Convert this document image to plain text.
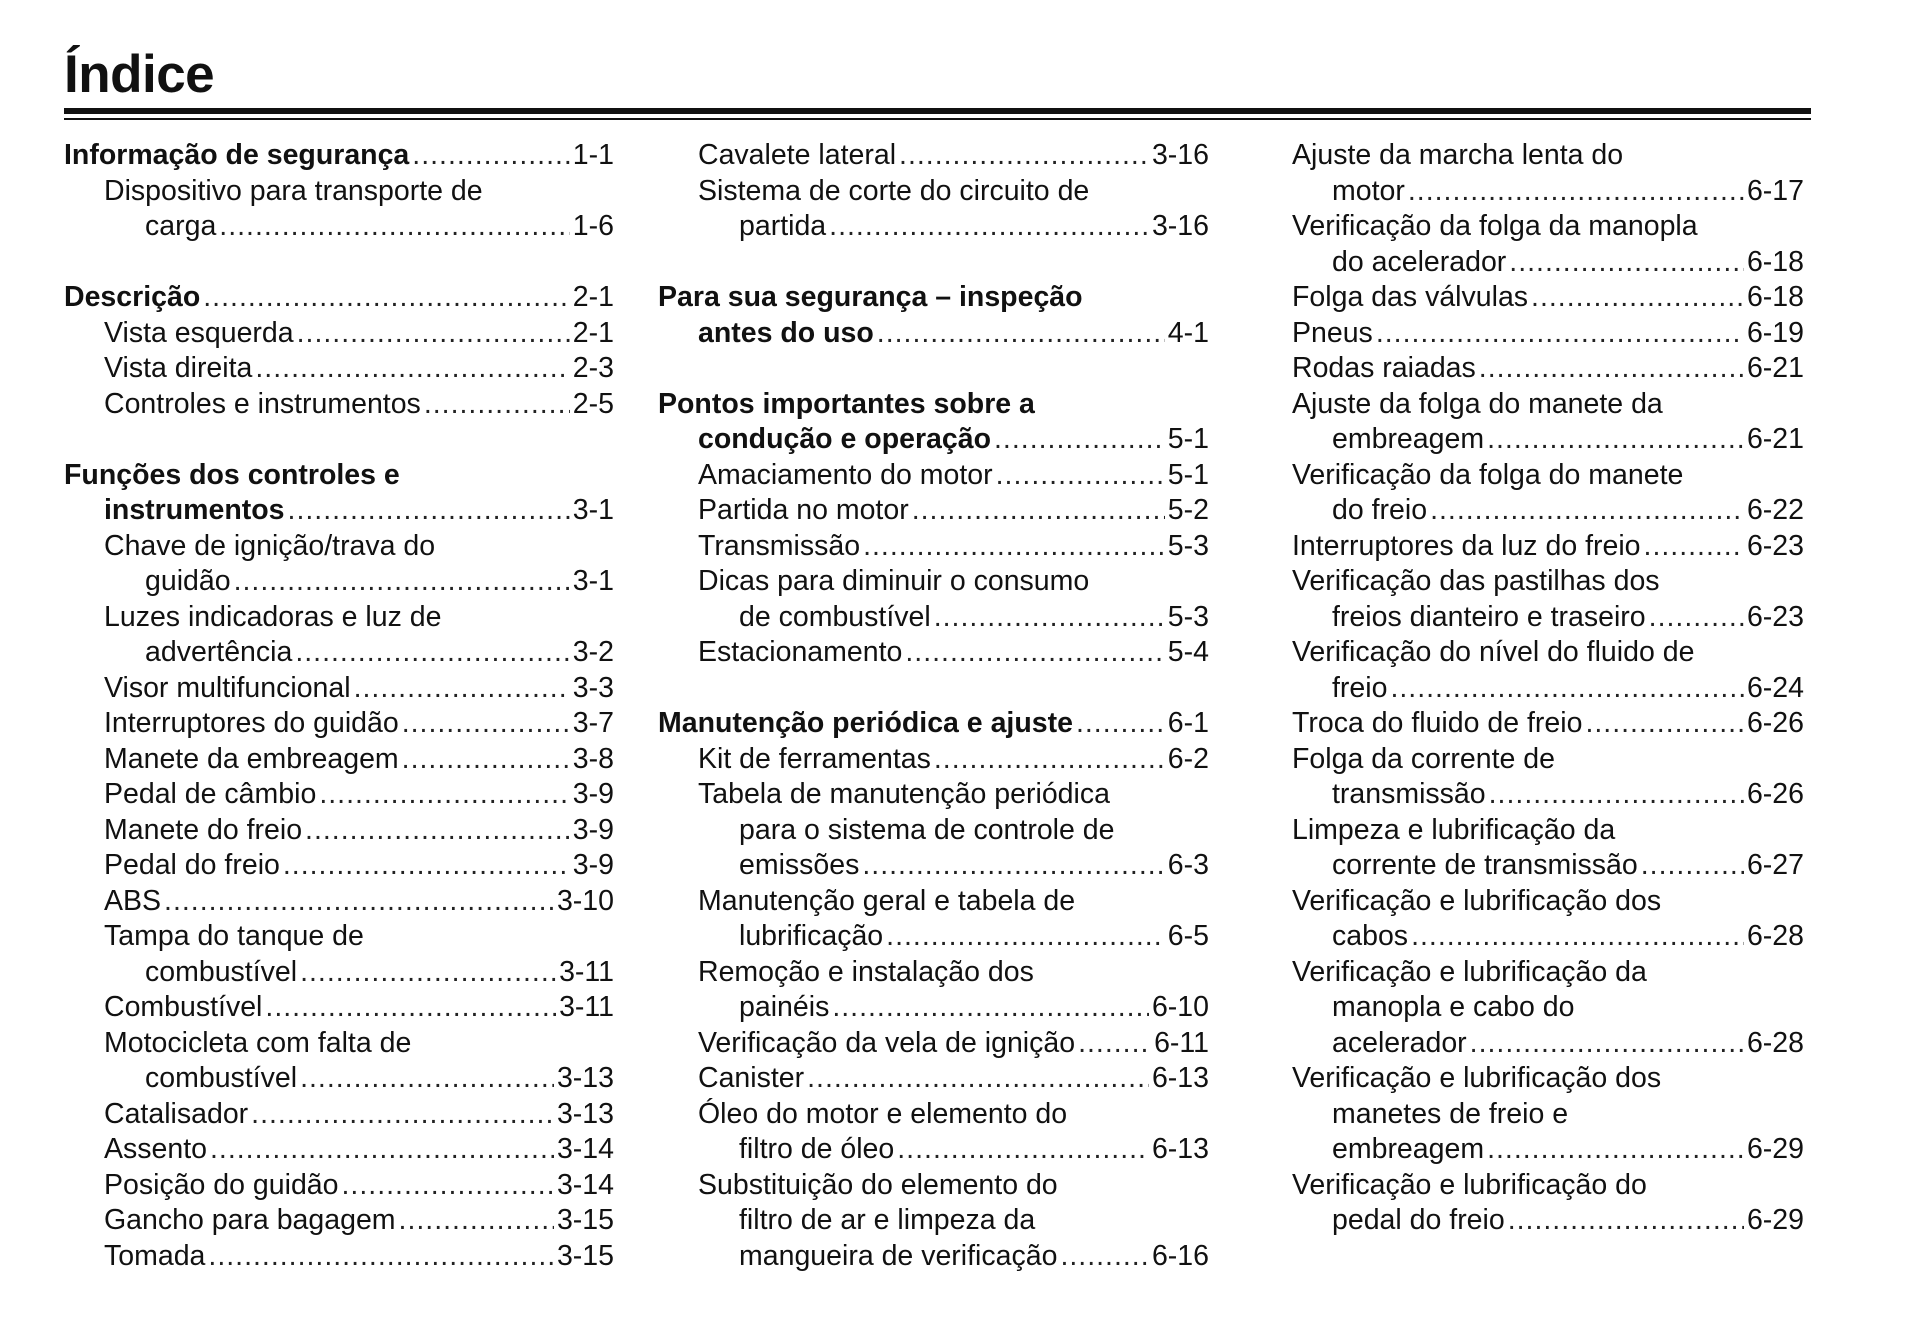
Índice
Informação de segurança .....	1-1
Dispositivo para transporte de
carga .....	1-6
Descrição .....	2-1
Vista esquerda .....	2-1
Vista direita .....	2-3
Controles e instrumentos .....	2-5
Funções dos controles e
instrumentos .....	3-1
Chave de ignição/trava do
guidão .....	3-1
Luzes indicadoras e luz de
advertência .....	3-2
Visor multifuncional .....	3-3
Interruptores do guidão .....	3-7
Manete da embreagem .....	3-8
Pedal de câmbio .....	3-9
Manete do freio .....	3-9
Pedal do freio .....	3-9
ABS .....	3-10
Tampa do tanque de
combustível .....	3-11
Combustível .....	3-11
Motocicleta com falta de
combustível .....	3-13
Catalisador .....	3-13
Assento .....	3-14
Posição do guidão .....	3-14
Gancho para bagagem .....	3-15
Tomada .....	3-15
Cavalete lateral .....	3-16
Sistema de corte do circuito de
partida .....	3-16
Para sua segurança – inspeção
antes do uso .....	4-1
Pontos importantes sobre a
condução e operação .....	5-1
Amaciamento do motor .....	5-1
Partida no motor .....	5-2
Transmissão .....	5-3
Dicas para diminuir o consumo
de combustível .....	5-3
Estacionamento .....	5-4
Manutenção periódica e ajuste .....	6-1
Kit de ferramentas .....	6-2
Tabela de manutenção periódica
para o sistema de controle de
emissões .....	6-3
Manutenção geral e tabela de
lubrificação .....	6-5
Remoção e instalação dos
painéis .....	6-10
Verificação da vela de ignição .....	6-11
Canister .....	6-13
Óleo do motor e elemento do
filtro de óleo .....	6-13
Substituição do elemento do
filtro de ar e limpeza da
mangueira de verificação .....	6-16
Ajuste da marcha lenta do
motor .....	6-17
Verificação da folga da manopla
do acelerador .....	6-18
Folga das válvulas .....	6-18
Pneus .....	6-19
Rodas raiadas .....	6-21
Ajuste da folga do manete da
embreagem .....	6-21
Verificação da folga do manete
do freio .....	6-22
Interruptores da luz do freio .....	6-23
Verificação das pastilhas dos
freios dianteiro e traseiro .....	6-23
Verificação do nível do fluido de
freio .....	6-24
Troca do fluido de freio .....	6-26
Folga da corrente de
transmissão .....	6-26
Limpeza e lubrificação da
corrente de transmissão .....	6-27
Verificação e lubrificação dos
cabos .....	6-28
Verificação e lubrificação da
manopla e cabo do
acelerador .....	6-28
Verificação e lubrificação dos
manetes de freio e
embreagem .....	6-29
Verificação e lubrificação do
pedal do freio .....	6-29
